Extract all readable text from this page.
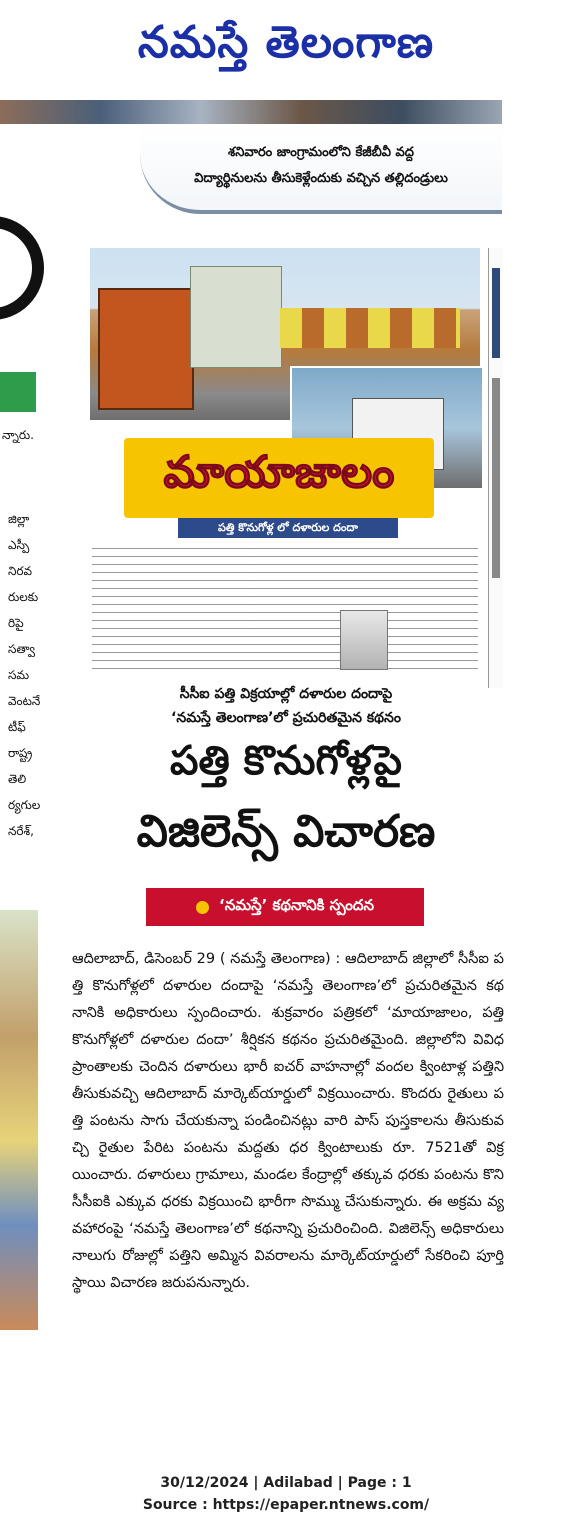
నమస్తే తెలంగాణ
శనివారం జాంగ్రామంలోని కేజీబీవీ వద్ద
విద్యార్థినులను తీసుకెళ్లేందుకు వచ్చిన తల్లిదండ్రులు
న్నారు.
జిల్లా
ఎస్పీ
నిరవ
రులకు
రిపై
సత్వా
సమ
వెంటనే
టీఫ్
రాష్ట్ర
తెలి
ర్యగుల
నరేశ్,
మాయాజాలం
పత్తి కొనుగోళ్ల లో దళారుల దందా
సీసీఐ పత్తి విక్రయాల్లో దళారుల దందాపై
‘నమస్తే తెలంగాణ’లో ప్రచురితమైన కథనం
పత్తి కొనుగోళ్లపై
విజిలెన్స్ విచారణ
‘నమస్తే’ కథనానికి స్పందన

ఆదిలాబాద్, డిసెంబర్ 29 ( నమస్తే తెలంగాణ) : ఆదిలాబాద్ జిల్లాలో సీసీఐ పత్తి కొనుగోళ్లలో దళారుల దందాపై ‘నమస్తే తెలంగాణ’లో ప్రచురితమైన కథనానికి అధికారులు స్పందించారు. శుక్రవారం పత్రికలో ‘మాయాజాలం, పత్తి కొనుగోళ్లలో దళారుల దందా’ శీర్షికన కథనం ప్రచురితమైంది. జిల్లాలోని వివిధ ప్రాంతాలకు చెందిన దళారులు భారీ ఐచర్ వాహనాల్లో వందల క్వింటాళ్ల పత్తిని తీసుకువచ్చి ఆదిలాబాద్ మార్కెట్‌యార్డులో విక్రయించారు. కొందరు రైతులు పత్తి పంటను సాగు చేయకున్నా పండించినట్లు వారి పాస్ పుస్తకాలను తీసుకువచ్చి రైతుల పేరిట పంటను మద్దతు ధర క్వింటాలుకు రూ. 7521తో విక్రయించారు. దళారులు గ్రామాలు, మండల కేంద్రాల్లో తక్కువ ధరకు పంటను కొని సీసీఐకి ఎక్కువ ధరకు విక్రయించి భారీగా సొమ్ము చేసుకున్నారు. ఈ అక్రమ వ్యవహారంపై ‘నమస్తే తెలంగాణ’లో కథనాన్ని ప్రచురించింది. విజిలెన్స్ అధికారులు నాలుగు రోజుల్లో పత్తిని అమ్మిన వివరాలను మార్కెట్‌యార్డులో సేకరించి పూర్తి స్థాయి విచారణ జరుపనున్నారు.

30/12/2024 | Adilabad | Page : 1
Source : https://epaper.ntnews.com/
